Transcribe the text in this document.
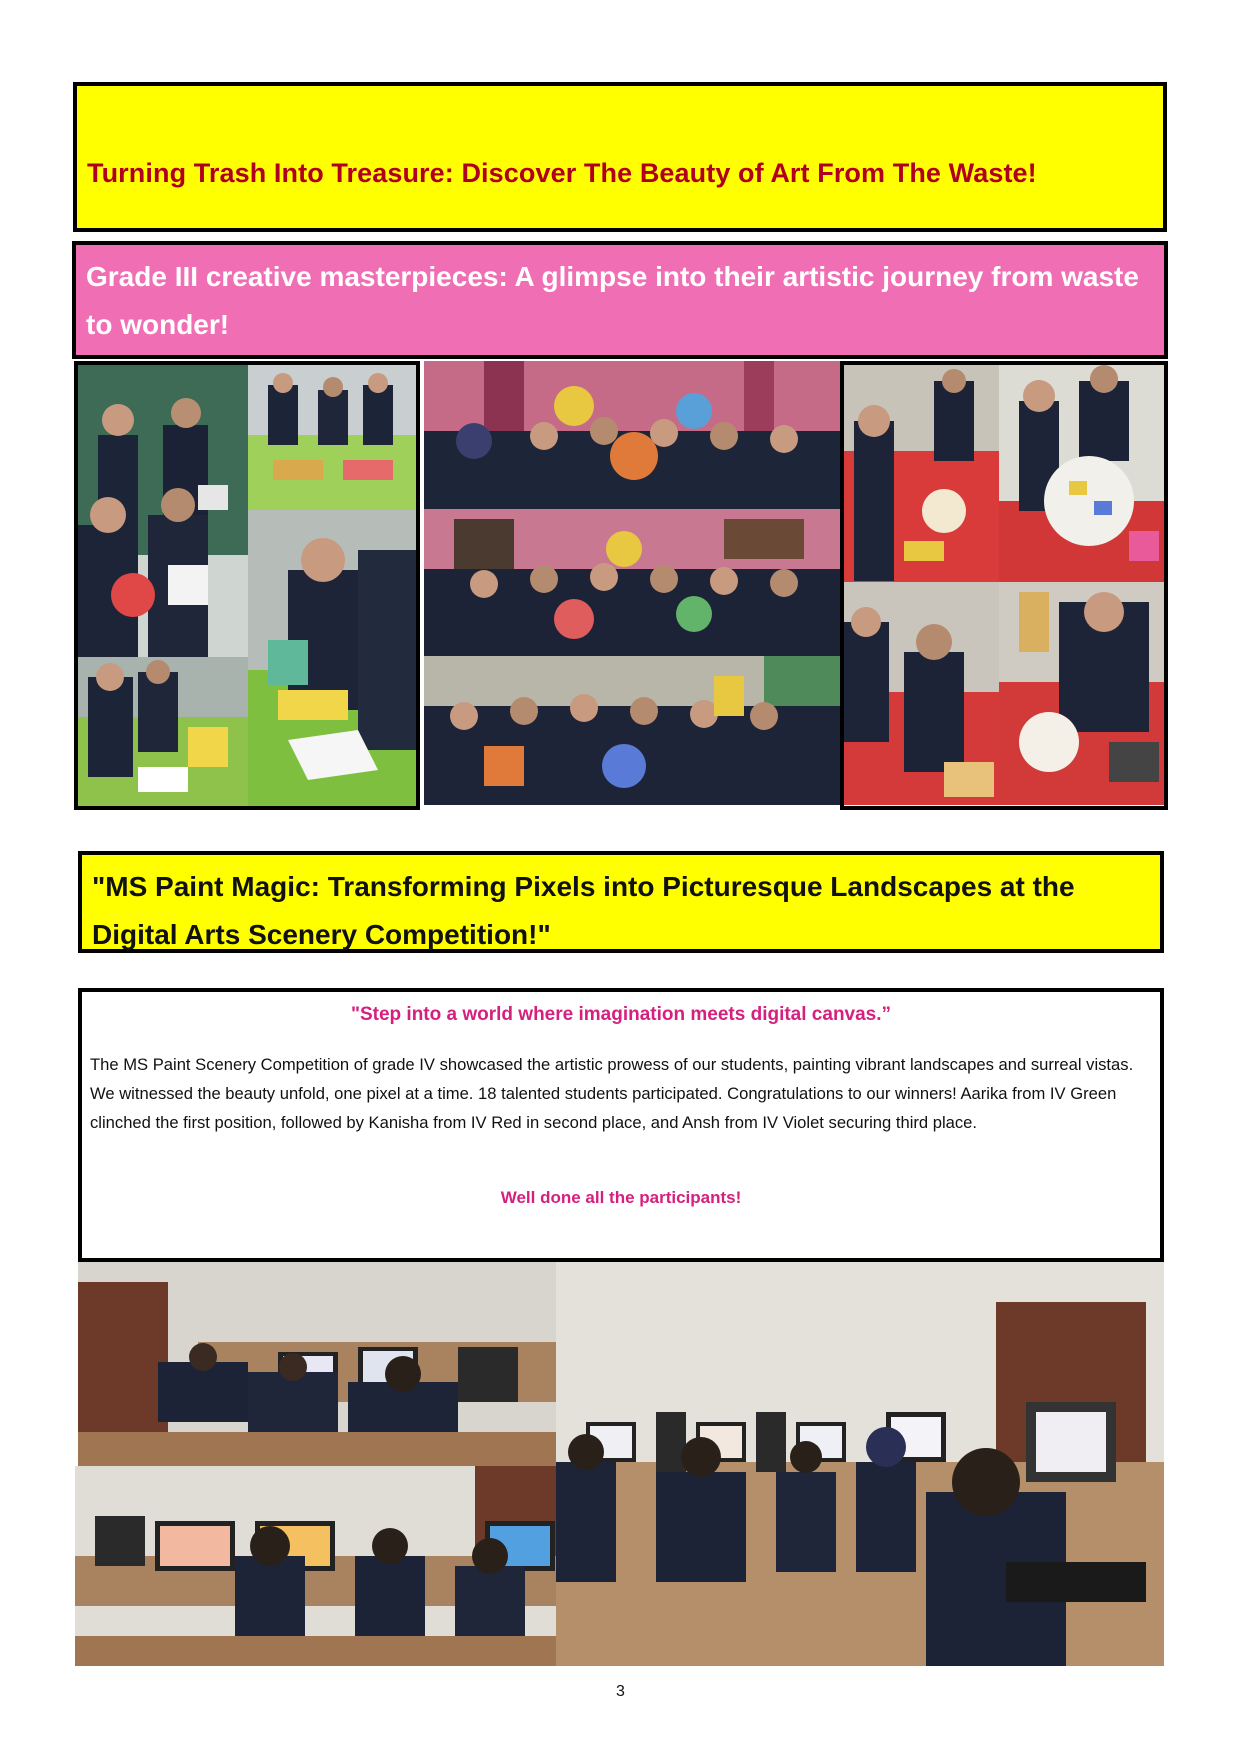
Turning Trash Into Treasure: Discover The Beauty of Art From The Waste!
Grade III creative masterpieces: A glimpse into their artistic journey from waste to wonder!
"MS Paint Magic: Transforming Pixels into Picturesque Landscapes at the Digital Arts Scenery Competition!"
"Step into a world where imagination meets digital canvas.”
The MS Paint Scenery Competition of grade IV showcased the artistic prowess of our students, painting vibrant landscapes and surreal vistas. We witnessed the beauty unfold, one pixel at a time. 18 talented students participated. Congratulations to our winners! Aarika from IV Green clinched the first position, followed by Kanisha from IV Red in second place, and Ansh from IV Violet securing third place.
Well done all the participants!
3
